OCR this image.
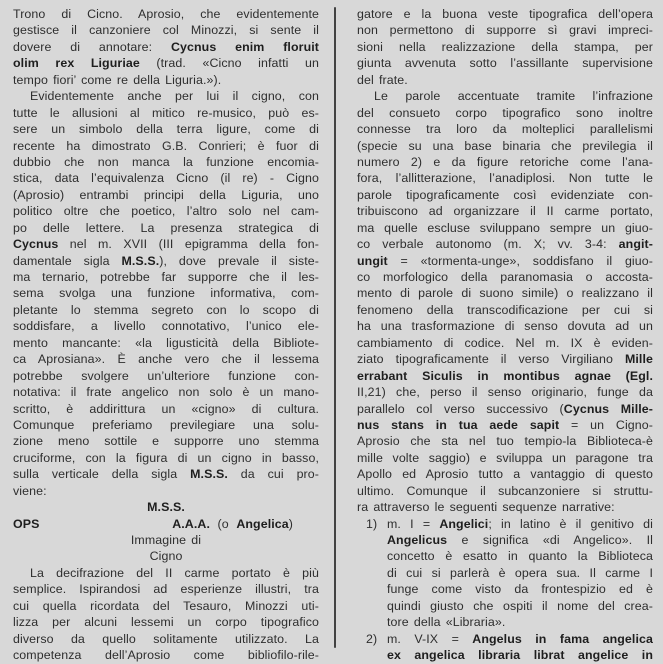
Trono di Cicno. Aprosio, che evidentemente
gestisce il canzoniere col Minozzi, si sente il
dovere di annotare: Cycnus enim floruit
olim rex Liguriae (trad. «Cicno infatti un
tempo fiori’ come re della Liguria.»).
Evidentemente anche per lui il cigno, con
tutte le allusioni al mitico re-musico, può es-
sere un simbolo della terra ligure, come di
recente ha dimostrato G.B. Conrieri; è fuor di
dubbio che non manca la funzione encomia-
stica, data l’equivalenza Cicno (il re) - Cigno
(Aprosio) entrambi principi della Liguria, uno
politico oltre che poetico, l’altro solo nel cam-
po delle lettere. La presenza strategica di
Cycnus nel m. XVII (III epigramma della fon-
damentale sigla M.S.S.), dove prevale il siste-
ma ternario, potrebbe far supporre che il les-
sema svolga una funzione informativa, com-
pletante lo stemma segreto con lo scopo di
soddisfare, a livello connotativo, l’unico ele-
mento mancante: «la ligusticità della Bibliote-
ca Aprosiana». È anche vero che il lessema
potrebbe svolgere un’ulteriore funzione con-
notativa: il frate angelico non solo è un mano-
scritto, è addirittura un «cigno» di cultura.
Comunque preferiamo previlegiare una solu-
zione meno sottile e supporre uno stemma
cruciforme, con la figura di un cigno in basso,
sulla verticale della sigla M.S.S. da cui pro-
viene:
M.S.S.
OPS	A.A.A. (o Angelica)
Immagine di
Cigno
La decifrazione del II carme portato è più
semplice. Ispirandosi ad esperienze illustri, tra
cui quella ricordata del Tesauro, Minozzi uti-
lizza per alcuni lessemi un corpo tipografico
diverso da quello solitamente utilizzato. La
competenza dell’Aprosio come bibliofilo-rile-
gatore e la buona veste tipografica dell’opera
non permettono di supporre sì gravi impreci-
sioni nella realizzazione della stampa, per
giunta avvenuta sotto l’assillante supervisione
del frate.
Le parole accentuate tramite l’infrazione
del consueto corpo tipografico sono inoltre
connesse tra loro da molteplici parallelismi
(specie su una base binaria che previlegia il
numero 2) e da figure retoriche come l’ana-
fora, l’allitterazione, l’anadiplosi. Non tutte le
parole tipograficamente così evidenziate con-
tribuiscono ad organizzare il II carme portato,
ma quelle escluse sviluppano sempre un giuo-
co verbale autonomo (m. X; vv. 3-4: angit-
ungit = «tormenta-unge», soddisfano il giuo-
co morfologico della paranomasia o accosta-
mento di parole di suono simile) o realizzano il
fenomeno della transcodificazione per cui si
ha una trasformazione di senso dovuta ad un
cambiamento di codice. Nel m. IX è eviden-
ziato tipograficamente il verso Virgiliano Mille
errabant Siculis in montibus agnae (Egl.
II,21) che, perso il senso originario, funge da
parallelo col verso successivo (Cycnus Mille-
nus stans in tua aede sapit = un Cigno-
Aprosio che sta nel tuo tempio-la Biblioteca-è
mille volte saggio) e sviluppa un paragone tra
Apollo ed Aprosio tutto a vantaggio di questo
ultimo. Comunque il subcanzoniere si struttu-
ra attraverso le seguenti sequenze narrative:
1) m. I = Angelici; in latino è il genitivo di
Angelicus e significa «di Angelico». Il
concetto è esatto in quanto la Biblioteca
di cui si parlerà è opera sua. Il carme I
funge come visto da frontespizio ed è
quindi giusto che ospiti il nome del crea-
tore della «Libraria».
2) m. V-IX = Angelus in fama angelica
ex angelica libraria librat angelice in
